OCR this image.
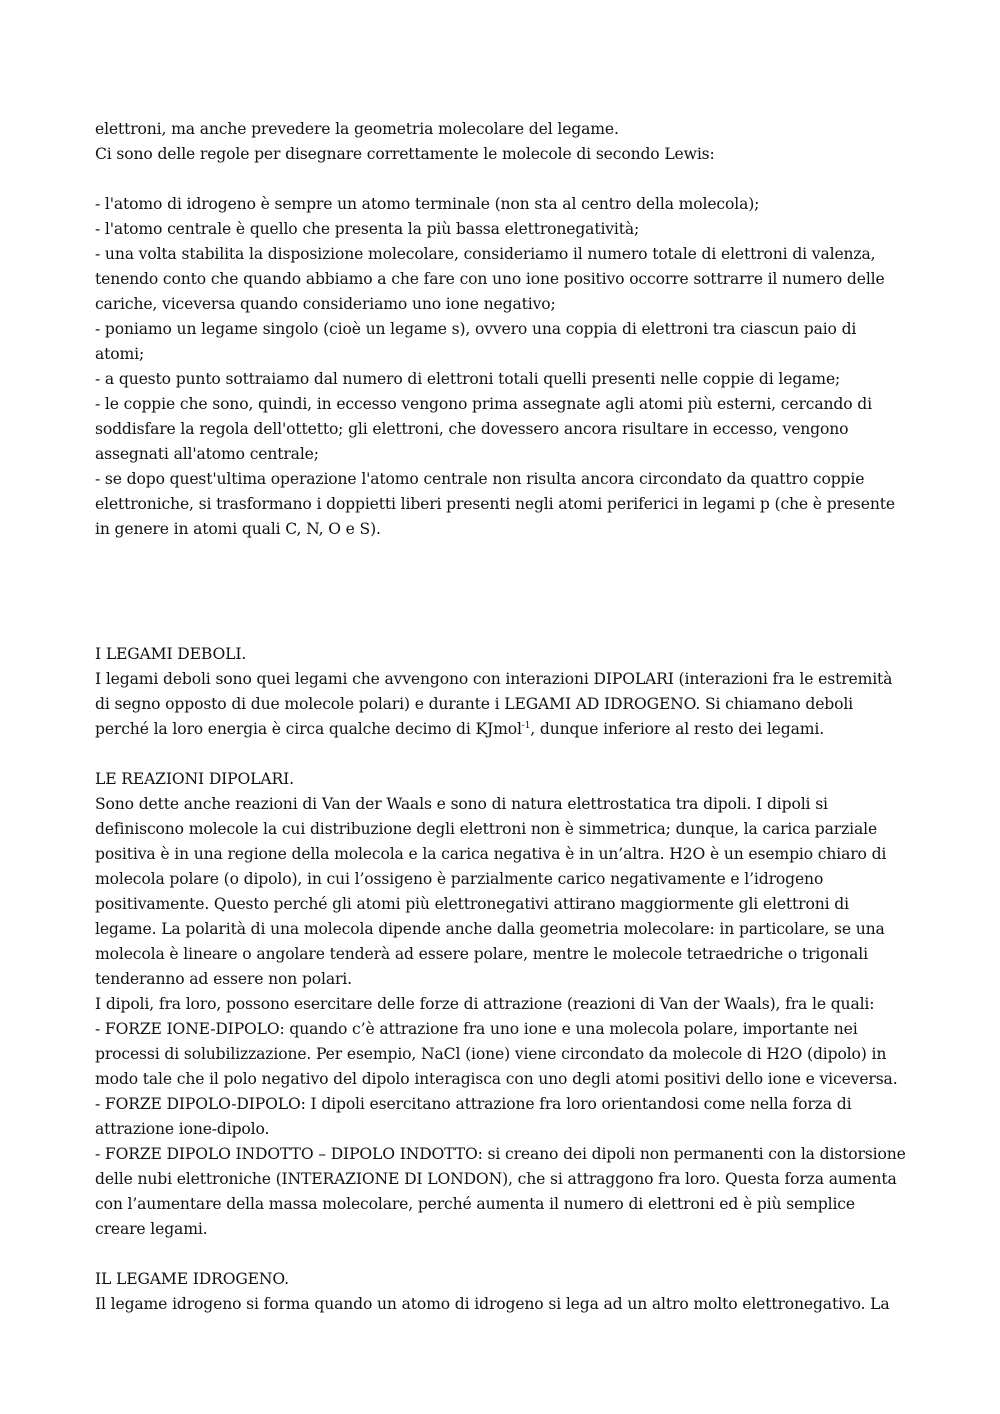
elettroni, ma anche prevedere la geometria molecolare del legame.

Ci sono delle regole per disegnare correttamente le molecole di secondo Lewis:

- l'atomo di idrogeno è sempre un atomo terminale (non sta al centro della molecola);

- l'atomo centrale è quello che presenta la più bassa elettronegatività;

- una volta stabilita la disposizione molecolare, consideriamo il numero totale di elettroni di valenza, tenendo conto che quando abbiamo a che fare con uno ione positivo occorre sottrarre il numero delle cariche, viceversa quando consideriamo uno ione negativo;

- poniamo un legame singolo (cioè un legame s), ovvero una coppia di elettroni tra ciascun paio di atomi;

- a questo punto sottraiamo dal numero di elettroni totali quelli presenti nelle coppie di legame;

- le coppie che sono, quindi, in eccesso vengono prima assegnate agli atomi più esterni, cercando di soddisfare la regola dell'ottetto; gli elettroni, che dovessero ancora risultare in eccesso, vengono assegnati all'atomo centrale;

- se dopo quest'ultima operazione l'atomo centrale non risulta ancora circondato da quattro coppie elettroniche, si trasformano i doppietti liberi presenti negli atomi periferici in legami p (che è presente in genere in atomi quali C, N, O e S).

I LEGAMI DEBOLI.

I legami deboli sono quei legami che avvengono con interazioni DIPOLARI (interazioni fra le estremità di segno opposto di due molecole polari) e durante i LEGAMI AD IDROGENO. Si chiamano deboli perché la loro energia è circa qualche decimo di KJmol$^{-1}$, dunque inferiore al resto dei legami.

LE REAZIONI DIPOLARI.

Sono dette anche reazioni di Van der Waals e sono di natura elettrostatica tra dipoli. I dipoli si definiscono molecole la cui distribuzione degli elettroni non è simmetrica; dunque, la carica parziale positiva è in una regione della molecola e la carica negativa è in un’altra. H2O è un esempio chiaro di molecola polare (o dipolo), in cui l’ossigeno è parzialmente carico negativamente e l’idrogeno positivamente. Questo perché gli atomi più elettronegativi attirano maggiormente gli elettroni di legame. La polarità di una molecola dipende anche dalla geometria molecolare: in particolare, se una molecola è lineare o angolare tenderà ad essere polare, mentre le molecole tetraedriche o trigonali tenderanno ad essere non polari.

I dipoli, fra loro, possono esercitare delle forze di attrazione (reazioni di Van der Waals), fra le quali:

- FORZE IONE-DIPOLO: quando c’è attrazione fra uno ione e una molecola polare, importante nei processi di solubilizzazione. Per esempio, NaCl (ione) viene circondato da molecole di H2O (dipolo) in modo tale che il polo negativo del dipolo interagisca con uno degli atomi positivi dello ione e viceversa.

- FORZE DIPOLO-DIPOLO: I dipoli esercitano attrazione fra loro orientandosi come nella forza di attrazione ione-dipolo.

- FORZE DIPOLO INDOTTO – DIPOLO INDOTTO: si creano dei dipoli non permanenti con la distorsione delle nubi elettroniche (INTERAZIONE DI LONDON), che si attraggono fra loro. Questa forza aumenta con l’aumentare della massa molecolare, perché aumenta il numero di elettroni ed è più semplice creare legami.

IL LEGAME IDROGENO.

Il legame idrogeno si forma quando un atomo di idrogeno si lega ad un altro molto elettronegativo. La
